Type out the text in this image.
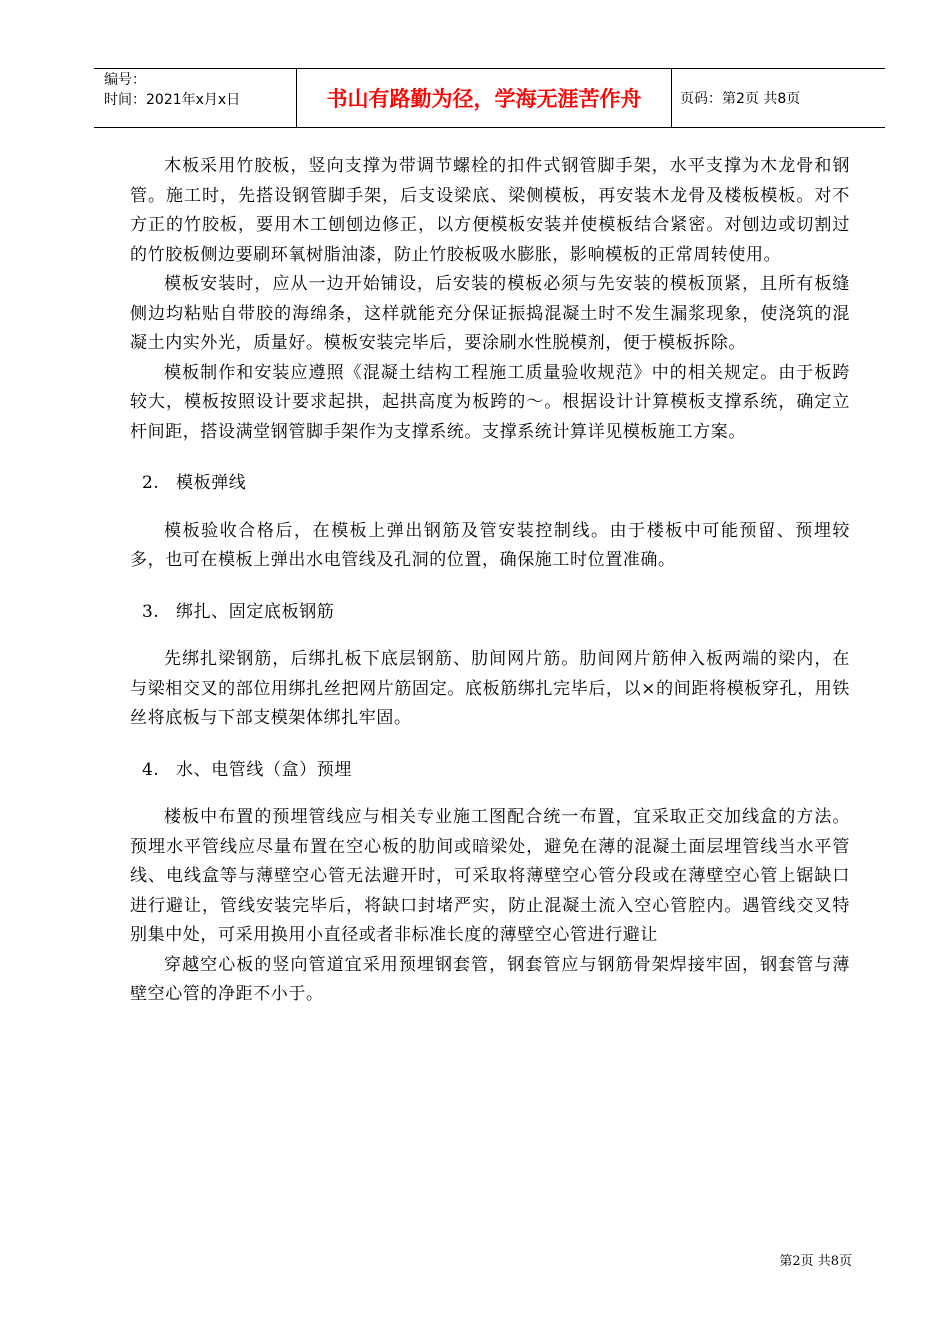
编号：
时间：2021年x月x日	书山有路勤为径，学海无涯苦作舟	页码：第2页 共8页

木板采用竹胶板，竖向支撑为带调节螺栓的扣件式钢管脚手架，水平支撑为木龙骨和钢管。施工时，先搭设钢管脚手架，后支设梁底、梁侧模板，再安装木龙骨及楼板模板。对不方正的竹胶板，要用木工刨刨边修正，以方便模板安装并使模板结合紧密。对刨边或切割过的竹胶板侧边要刷环氧树脂油漆，防止竹胶板吸水膨胀，影响模板的正常周转使用。

模板安装时，应从一边开始铺设，后安装的模板必须与先安装的模板顶紧，且所有板缝侧边均粘贴自带胶的海绵条，这样就能充分保证振捣混凝土时不发生漏浆现象，使浇筑的混凝土内实外光，质量好。模板安装完毕后，要涂刷水性脱模剂，便于模板拆除。

模板制作和安装应遵照《混凝土结构工程施工质量验收规范》中的相关规定。由于板跨较大，模板按照设计要求起拱，起拱高度为板跨的～。根据设计计算模板支撑系统，确定立杆间距，搭设满堂钢管脚手架作为支撑系统。支撑系统计算详见模板施工方案。

2. 模板弹线

模板验收合格后，在模板上弹出钢筋及管安装控制线。由于楼板中可能预留、预埋较多，也可在模板上弹出水电管线及孔洞的位置，确保施工时位置准确。

3. 绑扎、固定底板钢筋

先绑扎梁钢筋，后绑扎板下底层钢筋、肋间网片筋。肋间网片筋伸入板两端的梁内，在与梁相交叉的部位用绑扎丝把网片筋固定。底板筋绑扎完毕后，以×的间距将模板穿孔，用铁丝将底板与下部支模架体绑扎牢固。

4. 水、电管线（盒）预埋

楼板中布置的预埋管线应与相关专业施工图配合统一布置，宜采取正交加线盒的方法。预埋水平管线应尽量布置在空心板的肋间或暗梁处，避免在薄的混凝土面层埋管线当水平管线、电线盒等与薄壁空心管无法避开时，可采取将薄壁空心管分段或在薄壁空心管上锯缺口进行避让，管线安装完毕后，将缺口封堵严实，防止混凝土流入空心管腔内。遇管线交叉特别集中处，可采用换用小直径或者非标准长度的薄壁空心管进行避让

穿越空心板的竖向管道宜采用预埋钢套管，钢套管应与钢筋骨架焊接牢固，钢套管与薄壁空心管的净距不小于。

第2页 共8页
